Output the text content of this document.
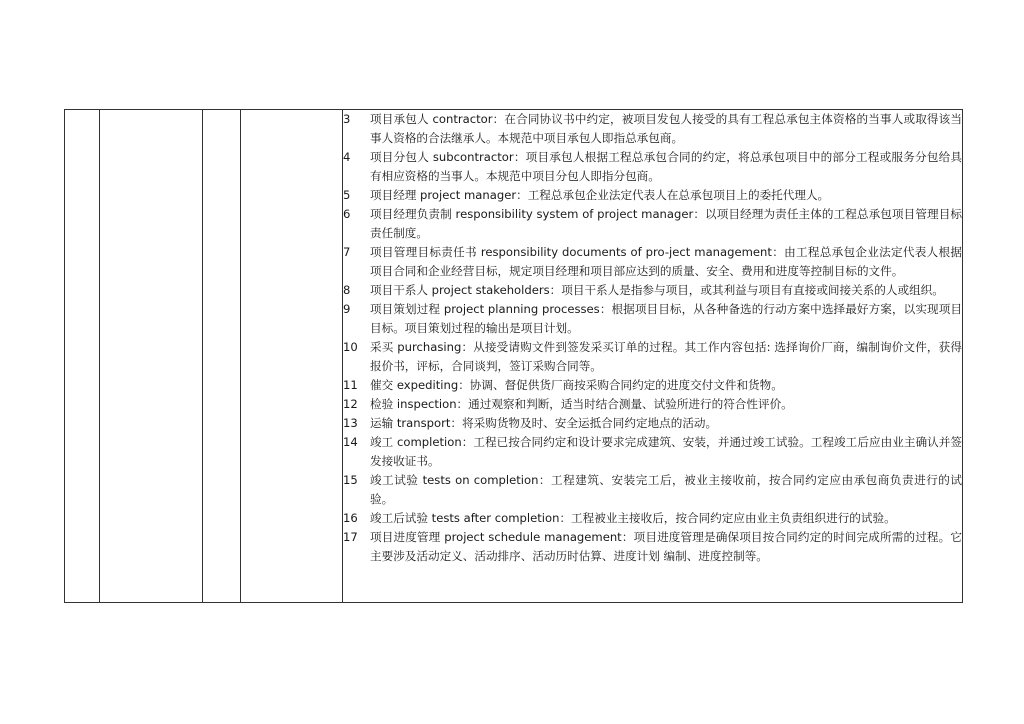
3	项目承包人 contractor：在合同协议书中约定，被项目发包人接受的具有工程总承包主体资格的当事人或取得该当事人资格的合法继承人。本规范中项目承包人即指总承包商。
4	项目分包人 subcontractor：项目承包人根据工程总承包合同的约定，将总承包项目中的部分工程或服务分包给具有相应资格的当事人。本规范中项目分包人即指分包商。
5	项目经理 project manager：工程总承包企业法定代表人在总承包项目上的委托代理人。
6	项目经理负责制 responsibility system of project manager：以项目经理为责任主体的工程总承包项目管理目标责任制度。
7	项目管理目标责任书 responsibility documents of pro-ject management：由工程总承包企业法定代表人根据项目合同和企业经营目标，规定项目经理和项目部应达到的质量、安全、费用和进度等控制目标的文件。
8	项目干系人 project stakeholders：项目干系人是指参与项目，或其利益与项目有直接或间接关系的人或组织。
9	项目策划过程 project planning processes：根据项目目标，从各种备选的行动方案中选择最好方案，以实现项目目标。项目策划过程的输出是项目计划。
10	采买 purchasing：从接受请购文件到签发采买订单的过程。其工作内容包括: 选择询价厂商，编制询价文件，获得报价书，评标，合同谈判，签订采购合同等。
11	催交 expediting：协调、督促供货厂商按采购合同约定的进度交付文件和货物。
12	检验 inspection：通过观察和判断，适当时结合测量、试验所进行的符合性评价。
13	运输 transport：将采购货物及时、安全运抵合同约定地点的活动。
14	竣工 completion：工程已按合同约定和设计要求完成建筑、安装，并通过竣工试验。工程竣工后应由业主确认并签发接收证书。
15	竣工试验 tests on completion：工程建筑、安装完工后，被业主接收前，按合同约定应由承包商负责进行的试验。
16	竣工后试验 tests after completion：工程被业主接收后，按合同约定应由业主负责组织进行的试验。
17	项目进度管理 project schedule management：项目进度管理是确保项目按合同约定的时间完成所需的过程。它主要涉及活动定义、活动排序、活动历时估算、进度计划 编制、进度控制等。
